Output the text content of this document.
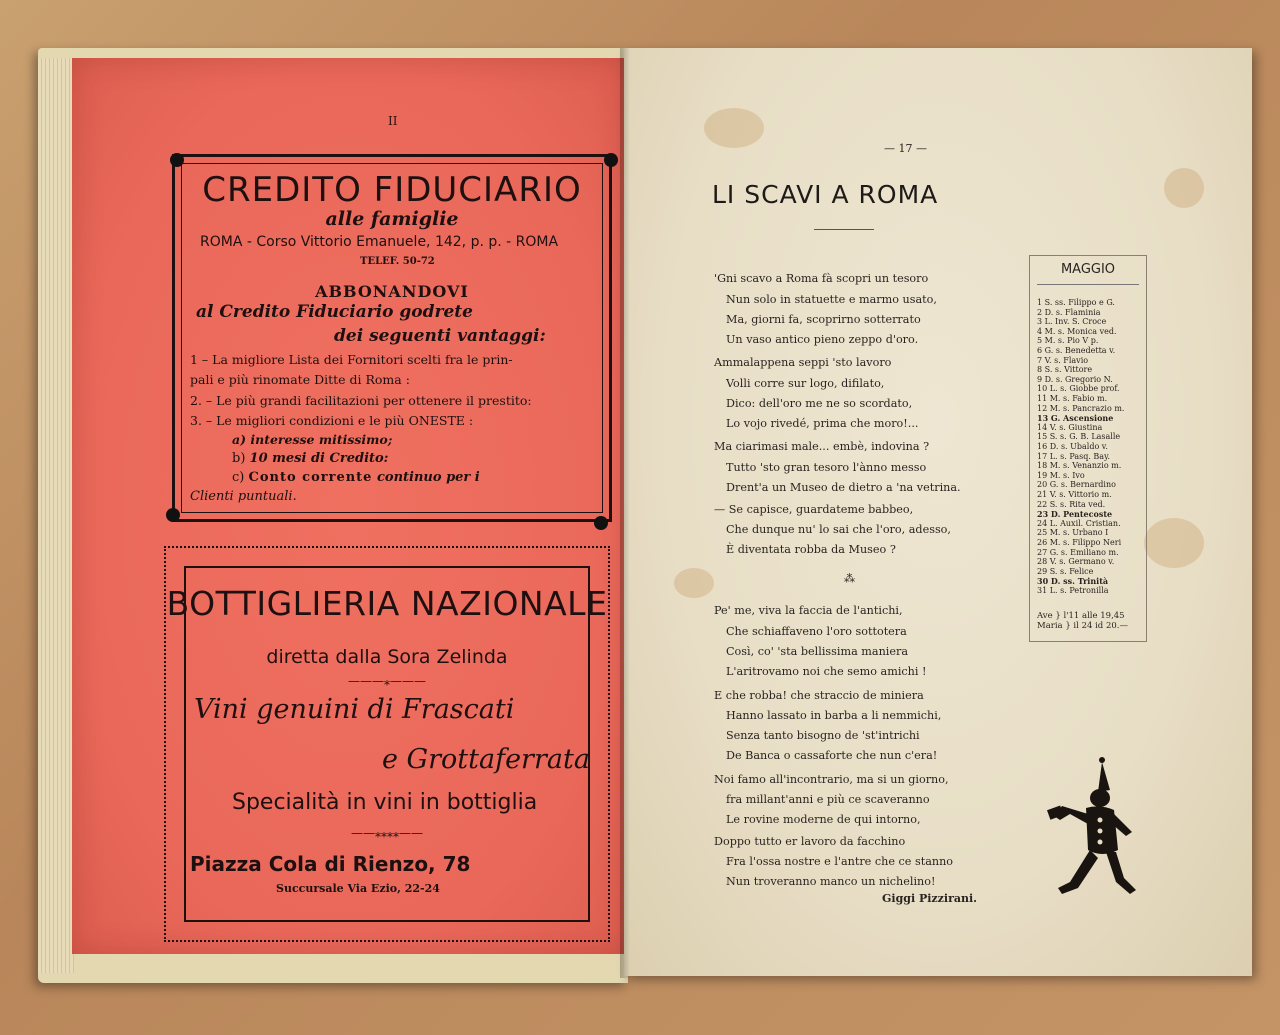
II
CREDITO FIDUCIARIO
alle famiglie
ROMA - Corso Vittorio Emanuele, 142, p. p. - ROMA
TELEF. 50-72
ABBONANDOVI
al Credito Fiduciario godrete
dei seguenti vantaggi:
1 – La migliore Lista dei Fornitori scelti fra le prin-
pali e più rinomate Ditte di Roma :
2. – Le più grandi facilitazioni per ottenere il prestito:
3. – Le migliori condizioni e le più ONESTE :
a) interesse mitissimo;
b) 10 mesi di Credito:
c) Conto corrente continuo per i
Clienti puntuali.
BOTTIGLIERIA NAZIONALE
diretta dalla Sora Zelinda
———⁎———
Vini genuini di Frascati
e Grottaferrata
Specialità in vini in bottiglia
——⁎⁎⁎⁎——
Piazza Cola di Rienzo, 78
Succursale Via Ezio, 22-24
— 17 —
LI SCAVI A ROMA
'Gni scavo a Roma fà scopri un tesoro
Nun solo in statuette e marmo usato,
Ma, giorni fa, scoprirno sotterrato
Un vaso antico pieno zeppo d'oro.
Ammalappena seppi 'sto lavoro
Volli corre sur logo, difilato,
Dico: dell'oro me ne so scordato,
Lo vojo rivedé, prima che moro!...
Ma ciarimasi male... embè, indovina ?
Tutto 'sto gran tesoro l'ànno messo
Drent'a un Museo de dietro a 'na vetrina.
— Se capisce, guardateme babbeo,
Che dunque nu' lo sai che l'oro, adesso,
È diventata robba da Museo ?
Pe' me, viva la faccia de l'antichi,
Che schiaffaveno l'oro sottotera
Così, co' 'sta bellissima maniera
L'aritrovamo noi che semo amichi !
E che robba! che straccio de miniera
Hanno lassato in barba a li nemmichi,
Senza tanto bisogno de 'st'intrichi
De Banca o cassaforte che nun c'era!
Noi famo all'incontrario, ma si un giorno,
fra millant'anni e più ce scaveranno
Le rovine moderne de qui intorno,
Doppo tutto er lavoro da facchino
Fra l'ossa nostre e l'antre che ce stanno
Nun troveranno manco un nichelino!
⁂
Giggi Pizzirani.
MAGGIO
1 S. ss. Filippo e G.
2 D. s. Flaminia
3 L. Inv. S. Croce
4 M. s. Monica ved.
5 M. s. Pio V p.
6 G. s. Benedetta v.
7 V. s. Flavio
8 S. s. Vittore
9 D. s. Gregorio N.
10 L. s. Giobbe prof.
11 M. s. Fabio m.
12 M. s. Pancrazio m.
13 G. Ascensione
14 V. s. Giustina
15 S. s. G. B. Lasalle
16 D. s. Ubaldo v.
17 L. s. Pasq. Bay.
18 M. s. Venanzio m.
19 M. s. Ivo
20 G. s. Bernardino
21 V. s. Vittorio m.
22 S. s. Rita ved.
23 D. Pentecoste
24 L. Auxil. Cristian.
25 M. s. Urbano I
26 M. s. Filippo Neri
27 G. s. Emiliano m.
28 V. s. Germano v.
29 S. s. Felice
30 D. ss. Trinità
31 L. s. Petronilla
Ave } l'11 alle 19,45
Maria } il 24 id 20.—
